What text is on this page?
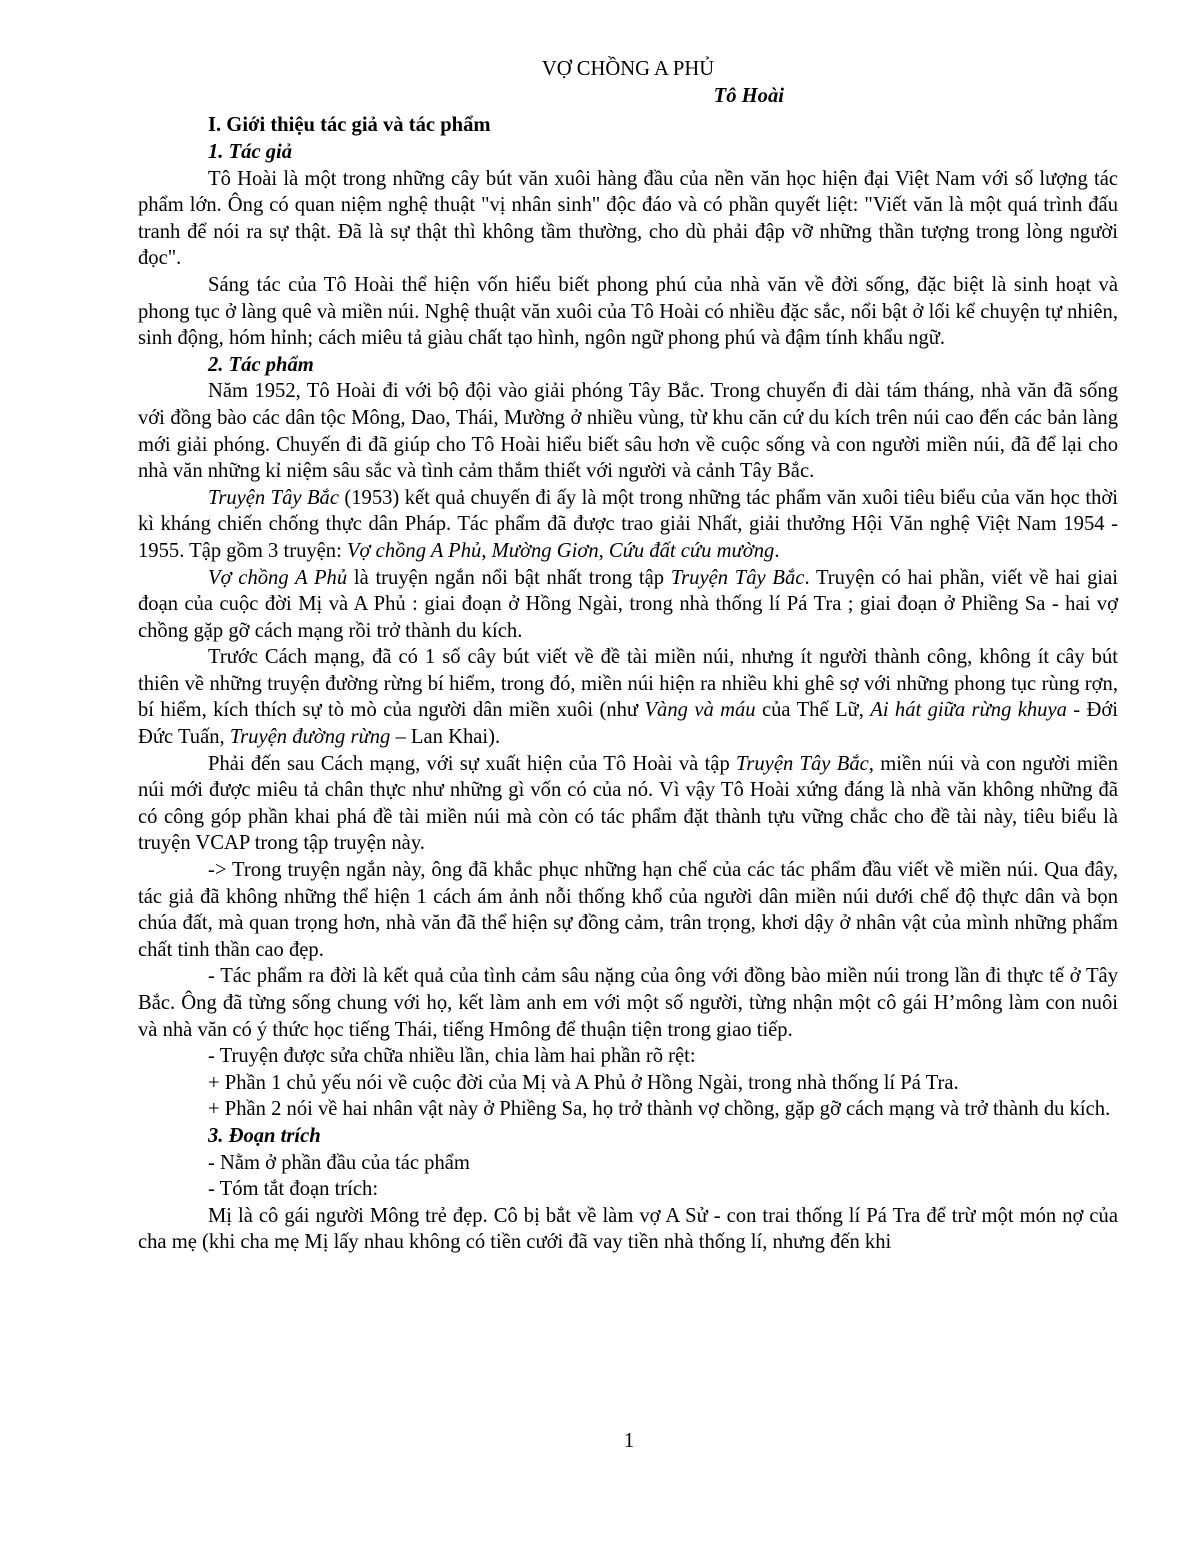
VỢ CHỒNG A PHỦ
Tô Hoài
I. Giới thiệu tác giả và tác phẩm
1. Tác giả

Tô Hoài là một trong những cây bút văn xuôi hàng đầu của nền văn học hiện đại Việt Nam với số lượng tác phẩm lớn. Ông có quan niệm nghệ thuật "vị nhân sinh" độc đáo và có phần quyết liệt: "Viết văn là một quá trình đấu tranh để nói ra sự thật. Đã là sự thật thì không tầm thường, cho dù phải đập vỡ những thần tượng trong lòng người đọc".

Sáng tác của Tô Hoài thể hiện vốn hiểu biết phong phú của nhà văn về đời sống, đặc biệt là sinh hoạt và phong tục ở làng quê và miền núi. Nghệ thuật văn xuôi của Tô Hoài có nhiều đặc sắc, nổi bật ở lối kể chuyện tự nhiên, sinh động, hóm hỉnh; cách miêu tả giàu chất tạo hình, ngôn ngữ phong phú và đậm tính khẩu ngữ.

2. Tác phẩm

Năm 1952, Tô Hoài đi với bộ đội vào giải phóng Tây Bắc. Trong chuyến đi dài tám tháng, nhà văn đã sống với đồng bào các dân tộc Mông, Dao, Thái, Mường ở nhiều vùng, từ khu căn cứ du kích trên núi cao đến các bản làng mới giải phóng. Chuyến đi đã giúp cho Tô Hoài hiểu biết sâu hơn về cuộc sống và con người miền núi, đã để lại cho nhà văn những kỉ niệm sâu sắc và tình cảm thắm thiết với người và cảnh Tây Bắc.

Truyện Tây Bắc (1953) kết quả chuyến đi ấy là một trong những tác phẩm văn xuôi tiêu biểu của văn học thời kì kháng chiến chống thực dân Pháp. Tác phẩm đã được trao giải Nhất, giải thưởng Hội Văn nghệ Việt Nam 1954 - 1955. Tập gồm 3 truyện: Vợ chồng A Phủ, Mường Giơn, Cứu đất cứu mường.

Vợ chồng A Phủ là truyện ngắn nổi bật nhất trong tập Truyện Tây Bắc. Truyện có hai phần, viết về hai giai đoạn của cuộc đời Mị và A Phủ : giai đoạn ở Hồng Ngài, trong nhà thống lí Pá Tra ; giai đoạn ở Phiềng Sa - hai vợ chồng gặp gỡ cách mạng rồi trở thành du kích.

Trước Cách mạng, đã có 1 số cây bút viết về đề tài miền núi, nhưng ít người thành công, không ít cây bút thiên về những truyện đường rừng bí hiểm, trong đó, miền núi hiện ra nhiều khi ghê sợ với những phong tục rùng rợn, bí hiểm, kích thích sự tò mò của người dân miền xuôi (như Vàng và máu của Thế Lữ, Ai hát giữa rừng khuya - Đới Đức Tuấn, Truyện đường rừng – Lan Khai).

Phải đến sau Cách mạng, với sự xuất hiện của Tô Hoài và tập Truyện Tây Bắc, miền núi và con người miền núi mới được miêu tả chân thực như những gì vốn có của nó. Vì vậy Tô Hoài xứng đáng là nhà văn không những đã có công góp phần khai phá đề tài miền núi mà còn có tác phẩm đặt thành tựu vững chắc cho đề tài này, tiêu biểu là truyện VCAP trong tập truyện này.

-> Trong truyện ngắn này, ông đã khắc phục những hạn chế của các tác phẩm đầu viết về miền núi. Qua đây, tác giả đã không những thể hiện 1 cách ám ảnh nỗi thống khổ của người dân miền núi dưới chế độ thực dân và bọn chúa đất, mà quan trọng hơn, nhà văn đã thể hiện sự đồng cảm, trân trọng, khơi dậy ở nhân vật của mình những phẩm chất tinh thần cao đẹp.

- Tác phẩm ra đời là kết quả của tình cảm sâu nặng của ông với đồng bào miền núi trong lần đi thực tế ở Tây Bắc. Ông đã từng sống chung với họ, kết làm anh em với một số người, từng nhận một cô gái H’mông làm con nuôi và nhà văn có ý thức học tiếng Thái, tiếng Hmông để thuận tiện trong giao tiếp.

- Truyện được sửa chữa nhiều lần, chia làm hai phần rõ rệt:

+ Phần 1 chủ yếu nói về cuộc đời của Mị và A Phủ ở Hồng Ngài, trong nhà thống lí Pá Tra.

+ Phần 2 nói về hai nhân vật này ở Phiềng Sa, họ trở thành vợ chồng, gặp gỡ cách mạng và trở thành du kích.

3. Đoạn trích

- Nằm ở phần đầu của tác phẩm

- Tóm tắt đoạn trích:

Mị là cô gái người Mông trẻ đẹp. Cô bị bắt về làm vợ A Sử - con trai thống lí Pá Tra để trừ một món nợ của cha mẹ (khi cha mẹ Mị lấy nhau không có tiền cưới đã vay tiền nhà thống lí, nhưng đến khi

1
